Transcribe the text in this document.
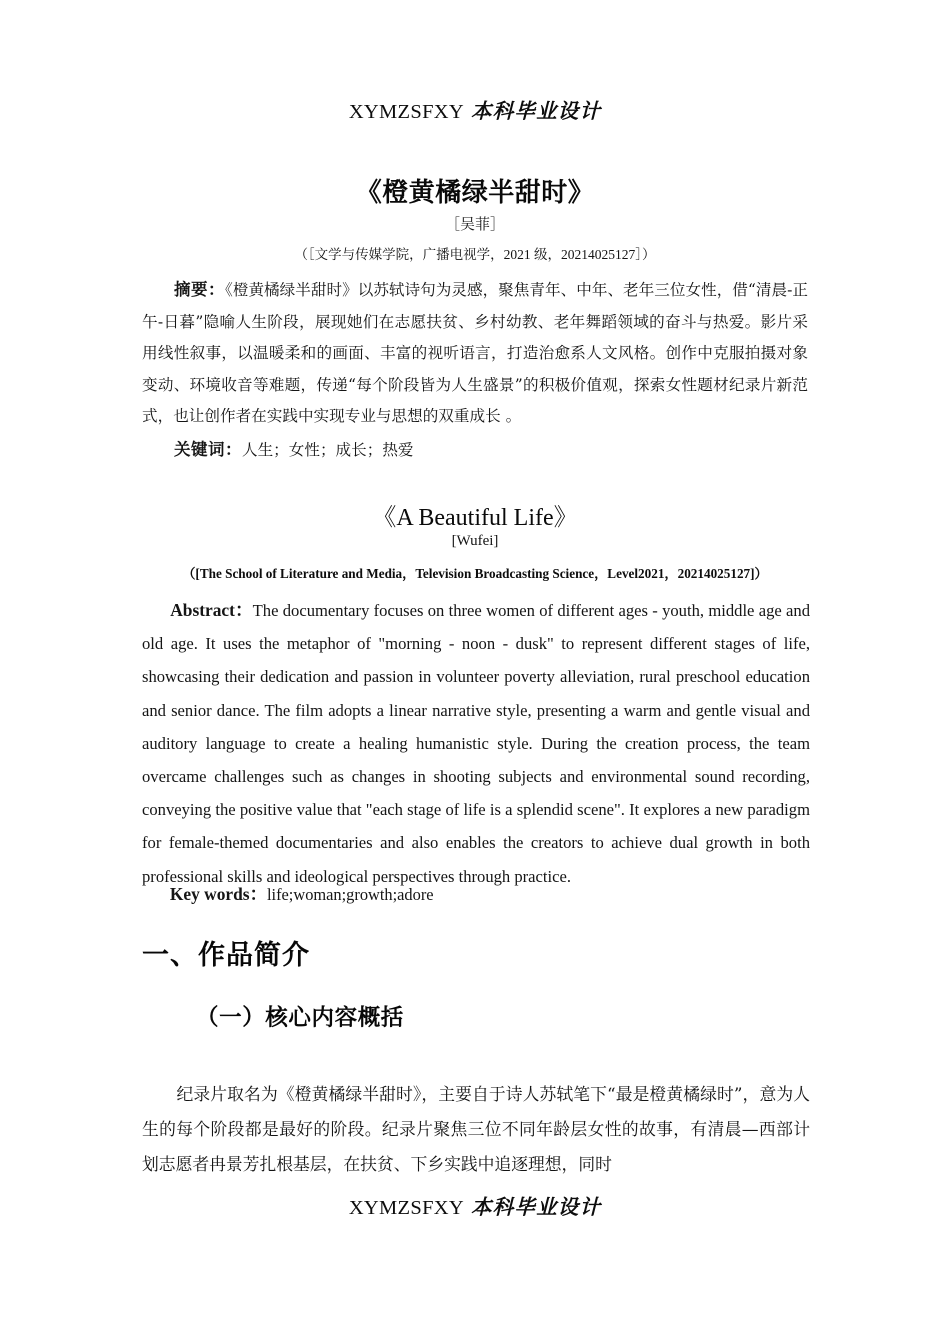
XYMZSFXY 本科毕业设计
《橙黄橘绿半甜时》
［吴菲］
（［文学与传媒学院，广播电视学，2021 级，20214025127］）
摘要：《橙黄橘绿半甜时》以苏轼诗句为灵感，聚焦青年、中年、老年三位女性，借“清晨-正午-日暮”隐喻人生阶段，展现她们在志愿扶贫、乡村幼教、老年舞蹈领域的奋斗与热爱。影片采用线性叙事，以温暖柔和的画面、丰富的视听语言，打造治愈系人文风格。创作中克服拍摄对象变动、环境收音等难题，传递“每个阶段皆为人生盛景”的积极价值观，探索女性题材纪录片新范式，也让创作者在实践中实现专业与思想的双重成长 。
关键词：人生；女性；成长；热爱
《A Beautiful Life》
[Wufei]
（[The School of Literature and Media，Television Broadcasting Science，Level2021，20214025127]）
Abstract：The documentary focuses on three women of different ages - youth, middle age and old age. It uses the metaphor of "morning - noon - dusk" to represent different stages of life, showcasing their dedication and passion in volunteer poverty alleviation, rural preschool education and senior dance. The film adopts a linear narrative style, presenting a warm and gentle visual and auditory language to create a healing humanistic style. During the creation process, the team overcame challenges such as changes in shooting subjects and environmental sound recording, conveying the positive value that "each stage of life is a splendid scene". It explores a new paradigm for female-themed documentaries and also enables the creators to achieve dual growth in both professional skills and ideological perspectives through practice.
Key words：life;woman;growth;adore
一、作品简介
（一）核心内容概括
纪录片取名为《橙黄橘绿半甜时》，主要自于诗人苏轼笔下“最是橙黄橘绿时”，意为人生的每个阶段都是最好的阶段。纪录片聚焦三位不同年龄层女性的故事，有清晨—西部计划志愿者冉景芳扎根基层，在扶贫、下乡实践中追逐理想，同时
XYMZSFXY 本科毕业设计
